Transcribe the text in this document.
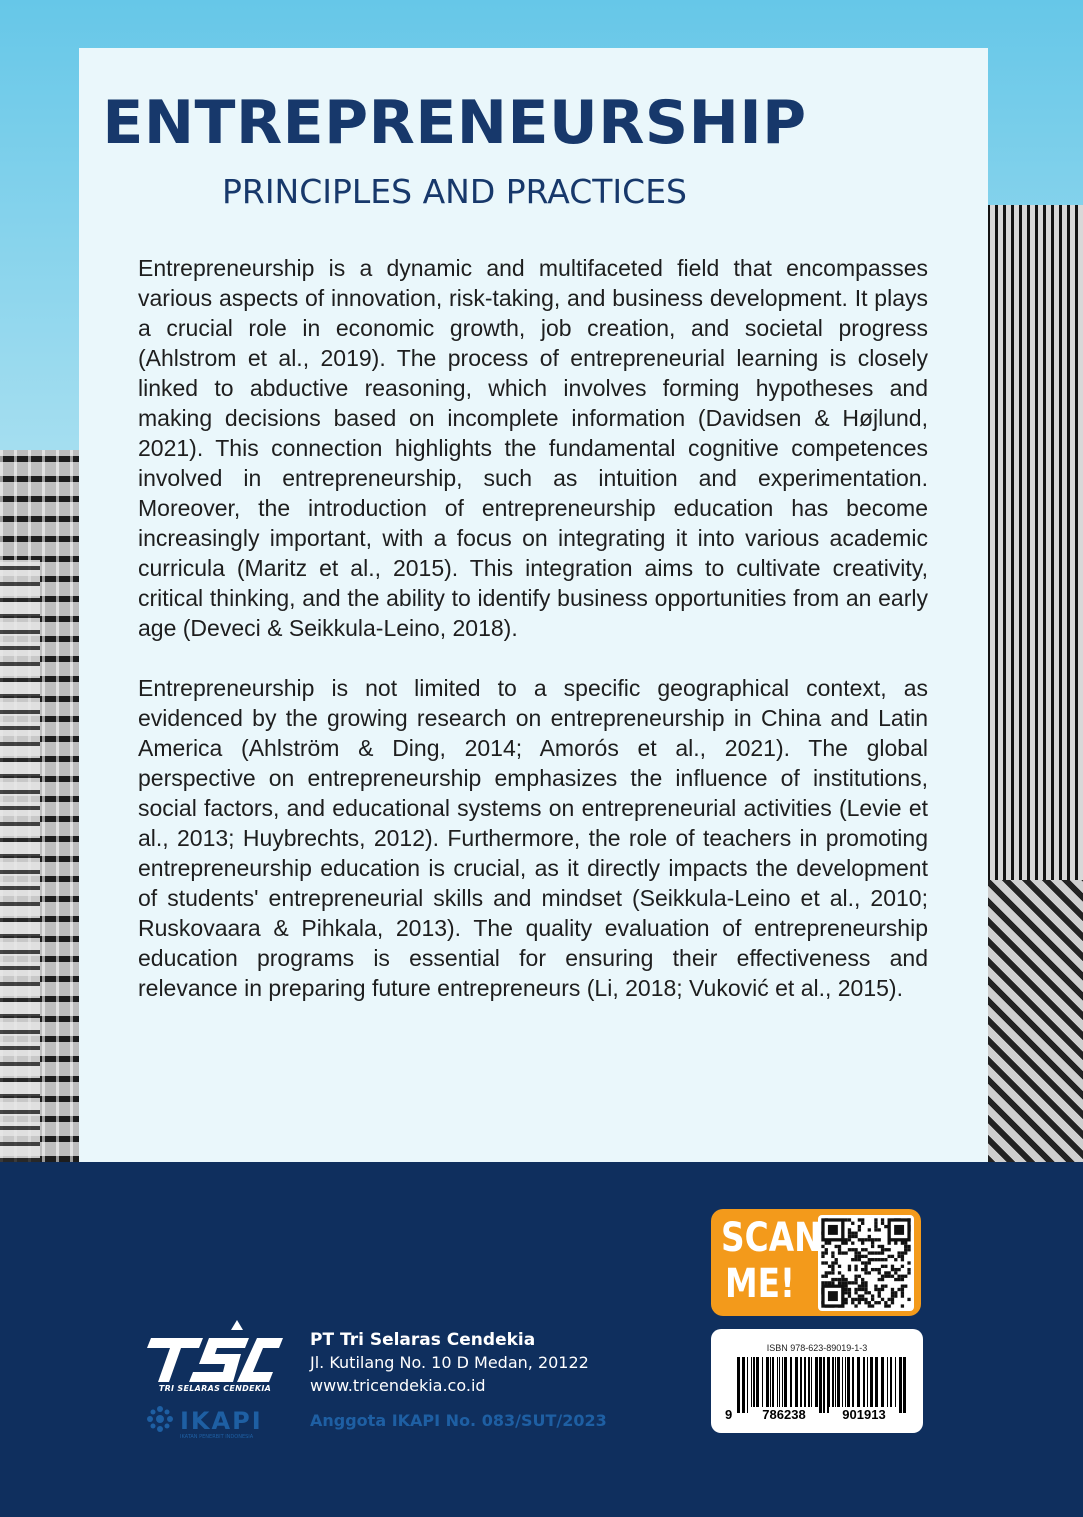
ENTREPRENEURSHIP
PRINCIPLES AND PRACTICES

Entrepreneurship is a dynamic and multifaceted field that encompasses various aspects of innovation, risk-taking, and business development. It plays a crucial role in economic growth, job creation, and societal progress (Ahlstrom et al., 2019). The process of entrepreneurial learning is closely linked to abductive reasoning, which involves forming hypotheses and making decisions based on incomplete information (Davidsen & Højlund, 2021). This connection highlights the fundamental cognitive competences involved in entrepreneurship, such as intuition and experimentation. Moreover, the introduction of entrepreneurship education has become increasingly important, with a focus on integrating it into various academic curricula (Maritz et al., 2015). This integration aims to cultivate creativity, critical thinking, and the ability to identify business opportunities from an early age (Deveci & Seikkula-Leino, 2018).

Entrepreneurship is not limited to a specific geographical context, as evidenced by the growing research on entrepreneurship in China and Latin America (Ahlström & Ding, 2014; Amorós et al., 2021). The global perspective on entrepreneurship emphasizes the influence of institutions, social factors, and educational systems on entrepreneurial activities (Levie et al., 2013; Huybrechts, 2012). Furthermore, the role of teachers in promoting entrepreneurship education is crucial, as it directly impacts the development of students' entrepreneurial skills and mindset (Seikkula-Leino et al., 2010; Ruskovaara & Pihkala, 2013). The quality evaluation of entrepreneurship education programs is essential for ensuring their effectiveness and relevance in preparing future entrepreneurs (Li, 2018; Vuković et al., 2015).

TRI SELARAS CENDEKIA
IKAPI
IKATAN PENERBIT INDONESIA
PT Tri Selaras Cendekia
Jl. Kutilang No. 10 D Medan, 20122
www.tricendekia.co.id
Anggota IKAPI No. 083/SUT/2023
SCAN
ME!
ISBN 978-623-89019-1-3
9	786238	901913
